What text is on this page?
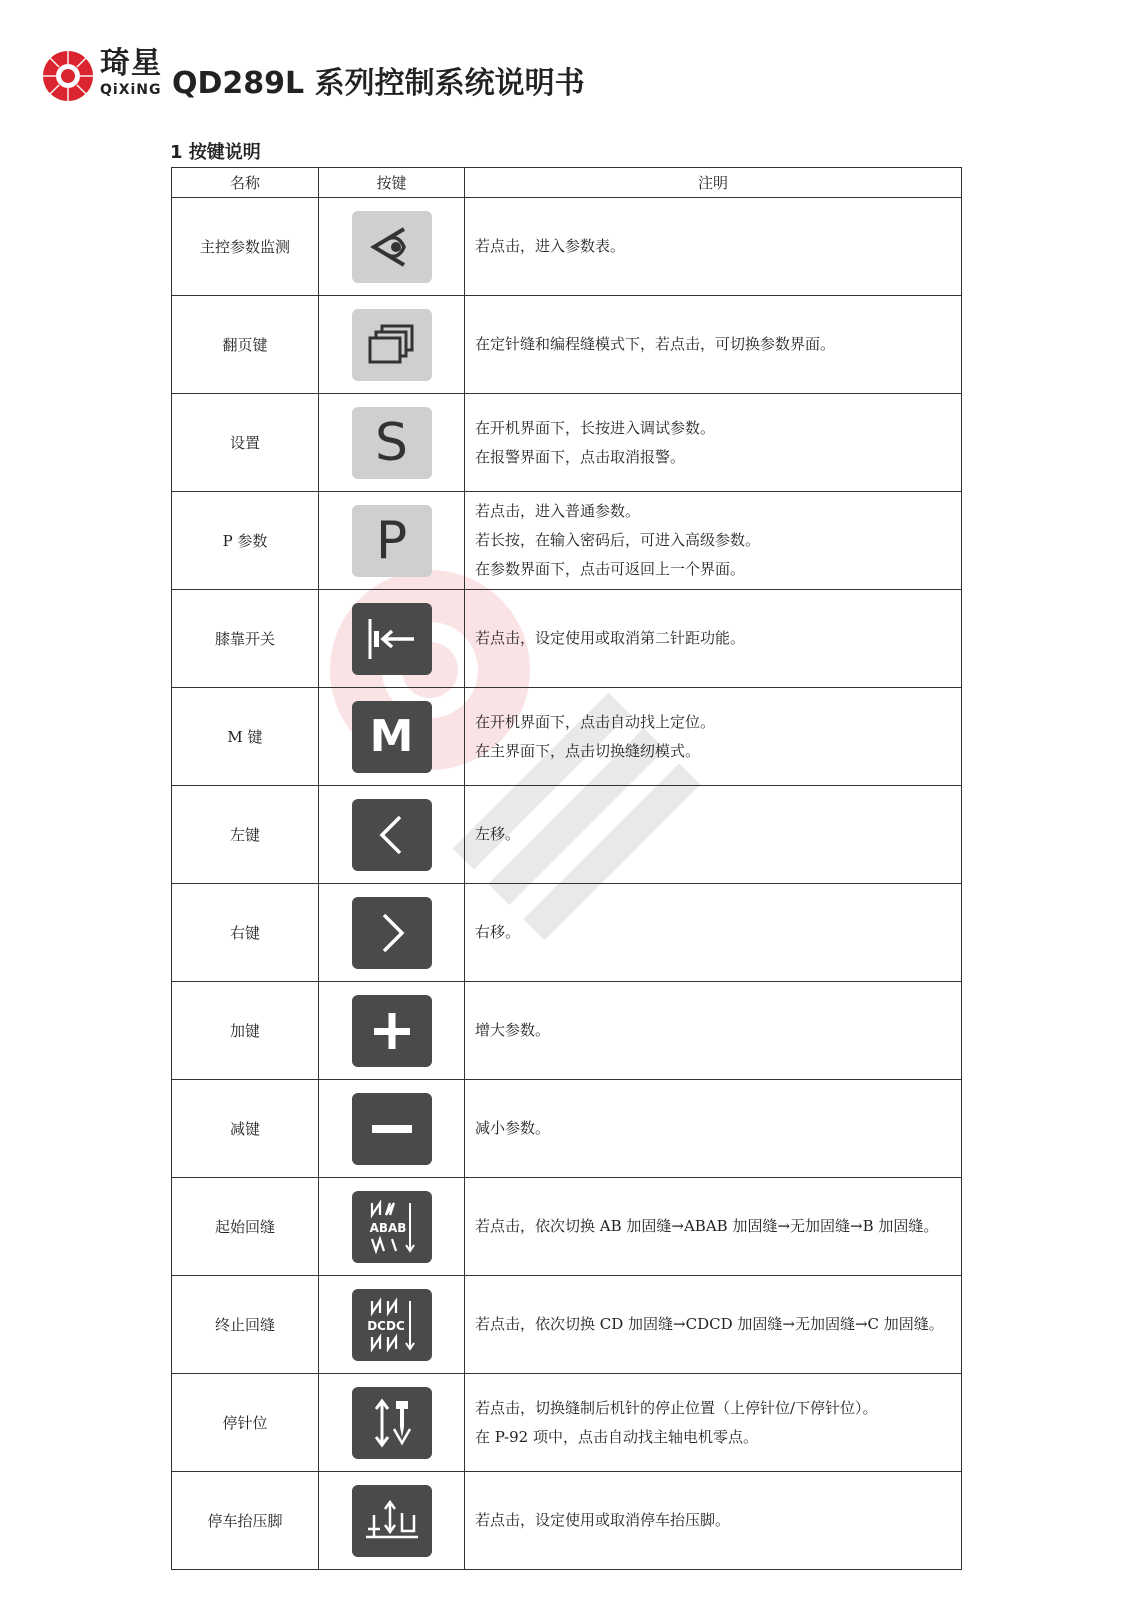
琦星
QiXiNG QD289L 系列控制系统说明书
1 按键说明
名称	按键	注明
主控参数监测		若点击，进入参数表。

翻页键		在定针缝和编程缝模式下，若点击，可切换参数界面。

设置	S	在开机界面下，长按进入调试参数。
在报警界面下，点击取消报警。

P 参数	P	若点击，进入普通参数。
若长按，在输入密码后，可进入高级参数。
在参数界面下，点击可返回上一个界面。

膝靠开关		若点击，设定使用或取消第二针距功能。

M 键	M	在开机界面下，点击自动找上定位。
在主界面下，点击切换缝纫模式。

左键		左移。

右键		右移。

加键		增大参数。

减键		减小参数。

起始回缝	ABAB	若点击，依次切换 AB 加固缝→ABAB 加固缝→无加固缝→B 加固缝。

终止回缝	DCDC	若点击，依次切换 CD 加固缝→CDCD 加固缝→无加固缝→C 加固缝。

停针位		若点击，切换缝制后机针的停止位置（上停针位/下停针位）。
在 P-92 项中，点击自动找主轴电机零点。

停车抬压脚		若点击，设定使用或取消停车抬压脚。
